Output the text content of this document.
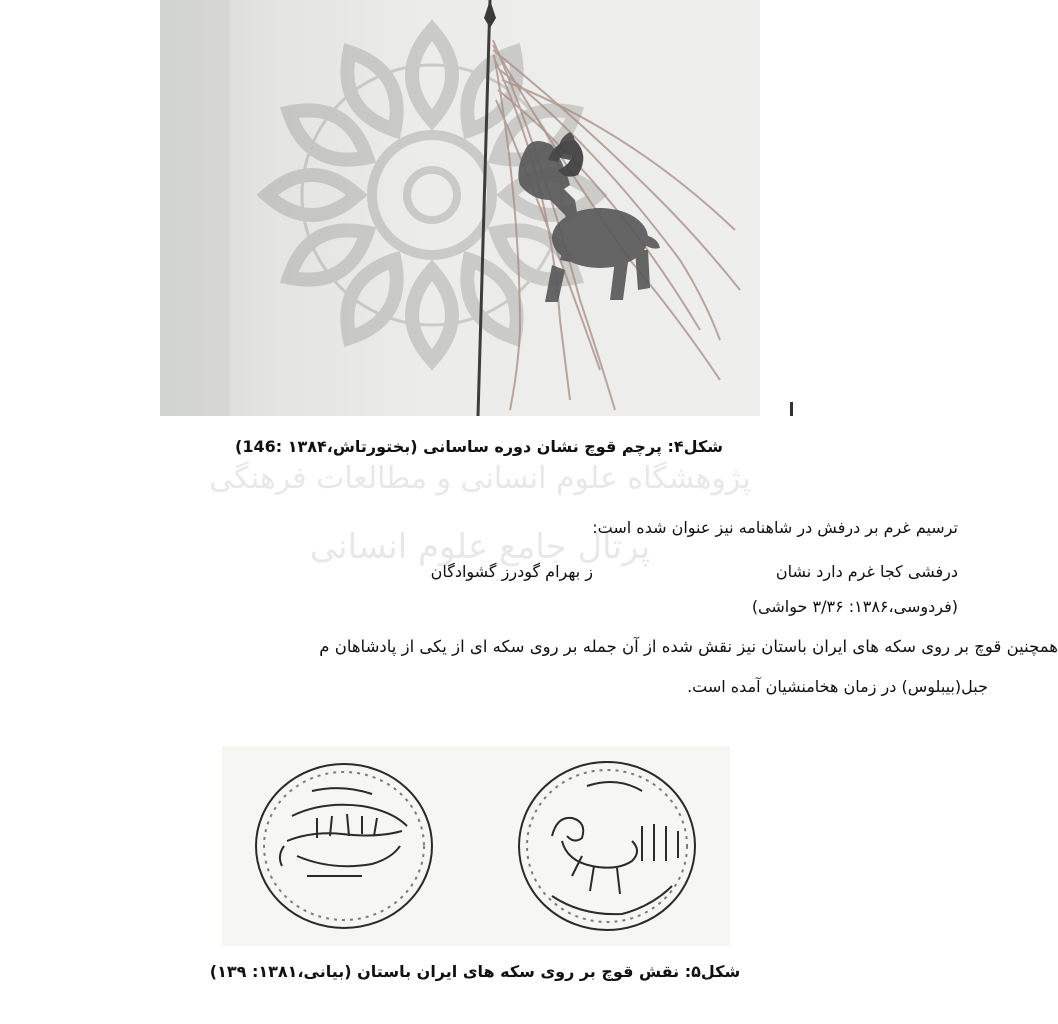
شکل۴: پرچم قوچ نشان دوره ساسانی (بختورتاش،۱۳۸۴ :146)
پژوهشگاه علوم انسانی و مطالعات فرهنگی
پرتال جامع علوم انسانی
ترسیم غرم بر درفش در شاهنامه نیز عنوان شده است:
درفشی کجا غرم دارد نشان
ز بهرام گودرز گشوادگان
(فردوسی،۱۳۸۶: ۳/۳۶ حواشی)
همچنین قوچ بر روی سکه های ایران باستان نیز نقش شده از آن جمله بر روی سکه ای از یکی از پادشاهان م
جبل(بیبلوس) در زمان هخامنشیان آمده است.
شکل۵: نقش قوچ بر روی سکه های ایران باستان (بیانی،۱۳۸۱: ۱۳۹)
